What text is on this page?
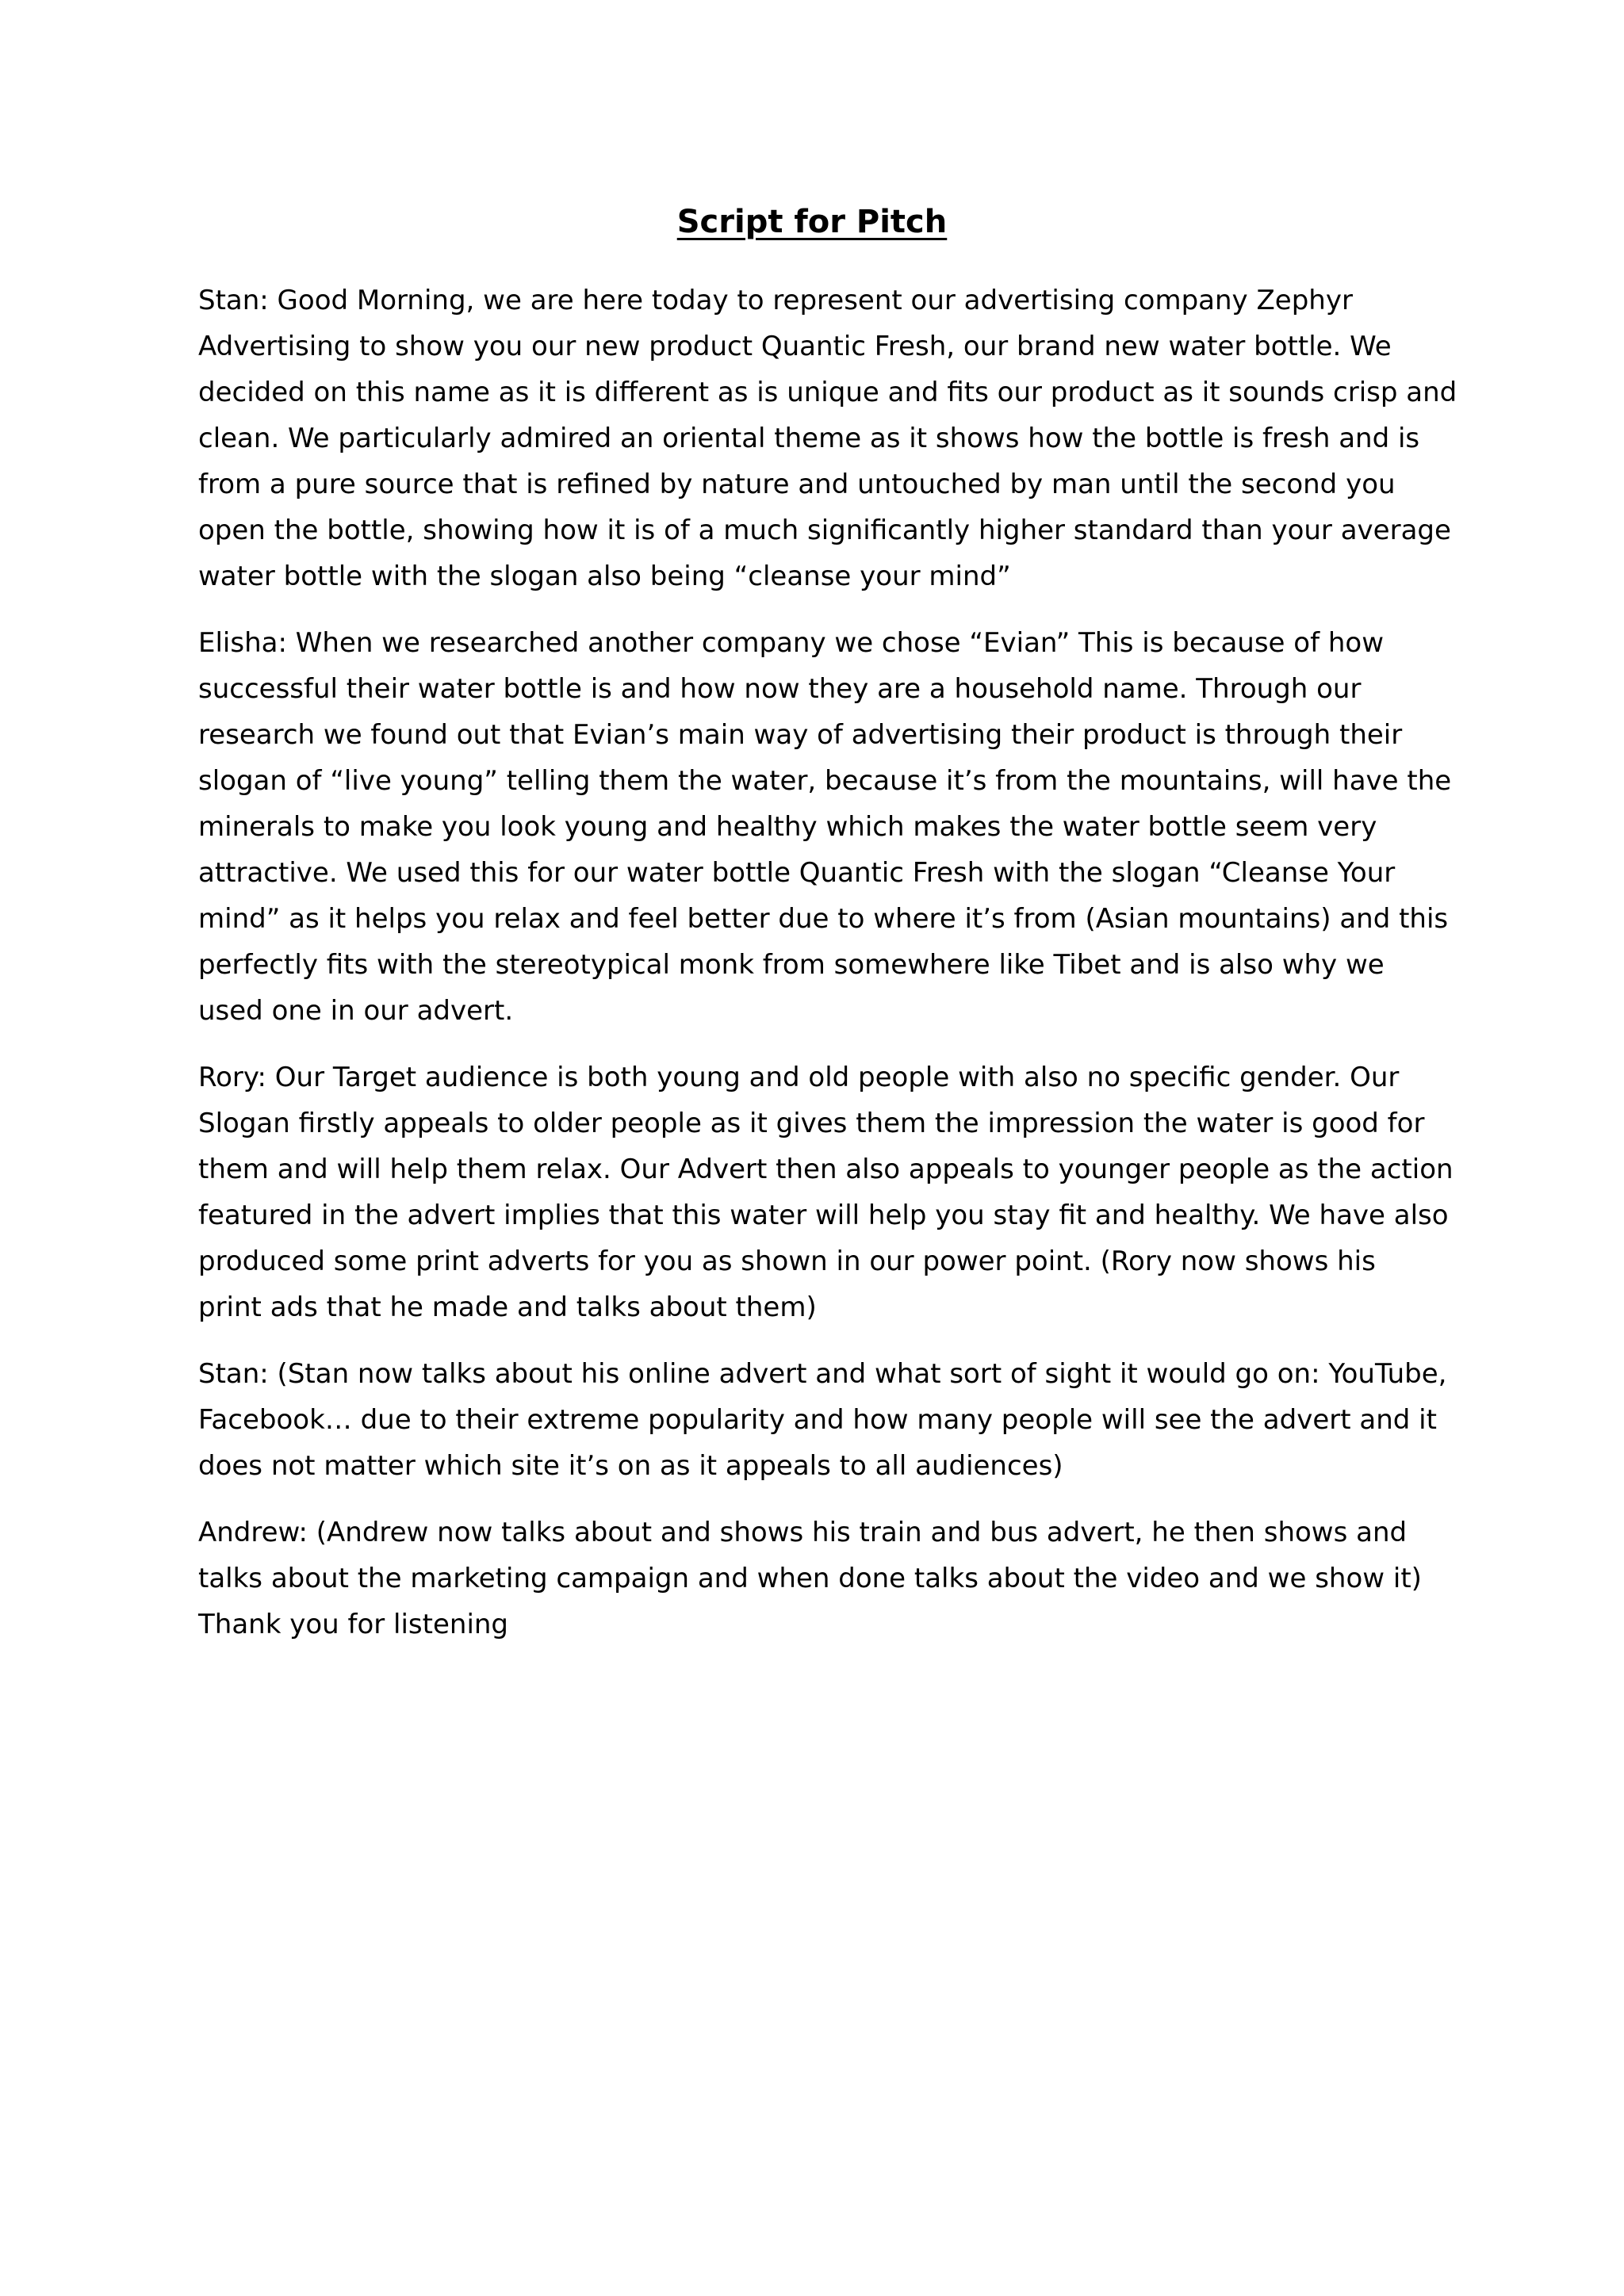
Script for Pitch

Stan: Good Morning, we are here today to represent our advertising company Zephyr
Advertising to show you our new product Quantic Fresh, our brand new water bottle. We
decided on this name as it is different as is unique and fits our product as it sounds crisp and
clean. We particularly admired an oriental theme as it shows how the bottle is fresh and is
from a pure source that is refined by nature and untouched by man until the second you
open the bottle, showing how it is of a much significantly higher standard than your average
water bottle with the slogan also being “cleanse your mind”

Elisha: When we researched another company we chose “Evian” This is because of how
successful their water bottle is and how now they are a household name. Through our
research we found out that Evian’s main way of advertising their product is through their
slogan of “live young” telling them the water, because it’s from the mountains, will have the
minerals to make you look young and healthy which makes the water bottle seem very
attractive. We used this for our water bottle Quantic Fresh with the slogan “Cleanse Your
mind” as it helps you relax and feel better due to where it’s from (Asian mountains) and this
perfectly fits with the stereotypical monk from somewhere like Tibet and is also why we
used one in our advert.

Rory: Our Target audience is both young and old people with also no specific gender. Our
Slogan firstly appeals to older people as it gives them the impression the water is good for
them and will help them relax. Our Advert then also appeals to younger people as the action
featured in the advert implies that this water will help you stay fit and healthy. We have also
produced some print adverts for you as shown in our power point. (Rory now shows his
print ads that he made and talks about them)

Stan: (Stan now talks about his online advert and what sort of sight it would go on: YouTube,
Facebook… due to their extreme popularity and how many people will see the advert and it
does not matter which site it’s on as it appeals to all audiences)

Andrew: (Andrew now talks about and shows his train and bus advert, he then shows and
talks about the marketing campaign and when done talks about the video and we show it)
Thank you for listening
